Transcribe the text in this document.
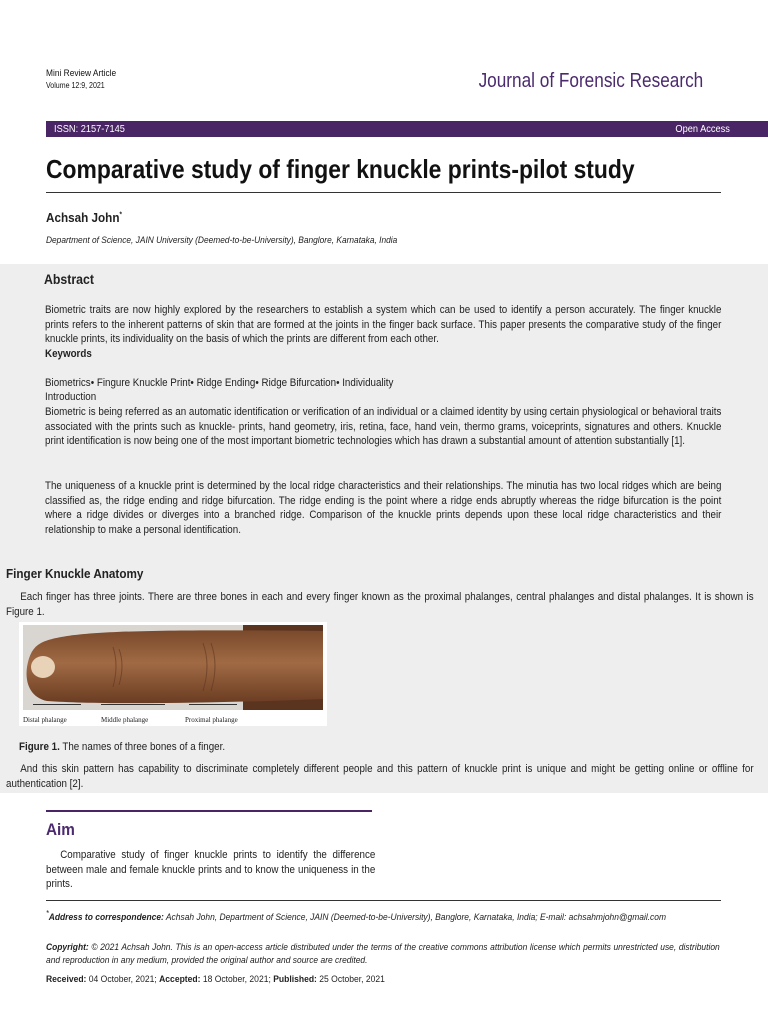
Mini Review Article
Volume 12:9, 2021	Journal of Forensic Research
ISSN: 2157-7145	Open Access
Comparative study of finger knuckle prints-pilot study
Achsah John*
Department of Science, JAIN University (Deemed-to-be-University), Banglore, Karnataka, India
Abstract
Biometric traits are now highly explored by the researchers to establish a system which can be used to identify a person accurately. The finger knuckle prints refers to the inherent patterns of skin that are formed at the joints in the finger back surface. This paper presents the comparative study of the finger knuckle prints, its individuality on the basis of which the prints are different from each other.
Keywords
Biometrics• Fingure Knuckle Print• Ridge Ending• Ridge Bifurcation• Individuality
Introduction
Biometric is being referred as an automatic identification or verification of an individual or a claimed identity by using certain physiological or behavioral traits associated with the prints such as knuckle- prints, hand geometry, iris, retina, face, hand vein, thermo grams, voiceprints, signatures and others. Knuckle print identification is now being one of the most important biometric technologies which has drawn a substantial amount of attention substantially [1].
The uniqueness of a knuckle print is determined by the local ridge characteristics and their relationships. The minutia has two local ridges which are being classified as, the ridge ending and ridge bifurcation. The ridge ending is the point where a ridge ends abruptly whereas the ridge bifurcation is the point where a ridge divides or diverges into a branched ridge. Comparison of the knuckle prints depends upon these local ridge characteristics and their relationship to make a personal identification.
Finger Knuckle Anatomy
Each finger has three joints. There are three bones in each and every finger known as the proximal phalanges, central phalanges and distal phalanges. It is shown is Figure 1.
Distal phalange	Middle phalange	Proximal phalange
Figure 1. The names of three bones of a finger.
And this skin pattern has capability to discriminate completely different people and this pattern of knuckle print is unique and might be getting online or offline for authentication [2].
Aim
Comparative study of finger knuckle prints to identify the difference between male and female knuckle prints and to know the uniqueness in the prints.
*Address to correspondence: Achsah John, Department of Science, JAIN (Deemed-to-be-University), Banglore, Karnataka, India; E-mail: achsahmjohn@gmail.com
Copyright: © 2021 Achsah John. This is an open-access article distributed under the terms of the creative commons attribution license which permits unrestricted use, distribution and reproduction in any medium, provided the original author and source are credited.
Received: 04 October, 2021; Accepted: 18 October, 2021; Published: 25 October, 2021
